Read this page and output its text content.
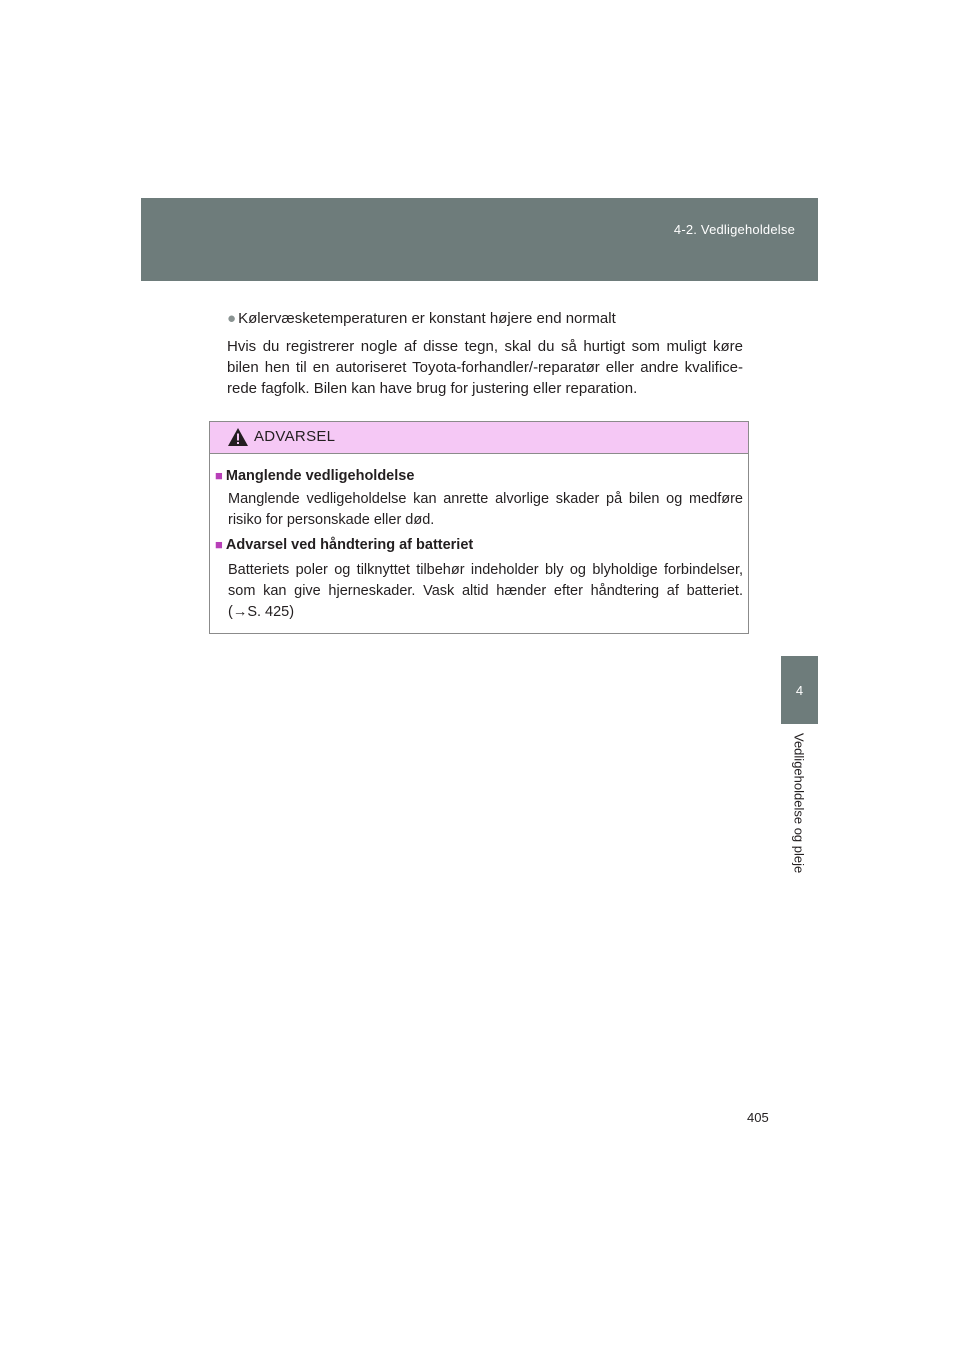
4-2. Vedligeholdelse
4
Vedligeholdelse og pleje
● Kølervæsketemperaturen er konstant højere end normalt
Hvis du registrerer nogle af disse tegn, skal du så hurtigt som muligt køre bilen hen til en autoriseret Toyota-forhandler/-reparatør eller andre kvalifice-rede fagfolk. Bilen kan have brug for justering eller reparation.
ADVARSEL
■ Manglende vedligeholdelse
Manglende vedligeholdelse kan anrette alvorlige skader på bilen og medføre risiko for personskade eller død.
■ Advarsel ved håndtering af batteriet
Batteriets poler og tilknyttet tilbehør indeholder bly og blyholdige forbindelser, som kan give hjerneskader. Vask altid hænder efter håndtering af batteriet. (→S. 425)
405
